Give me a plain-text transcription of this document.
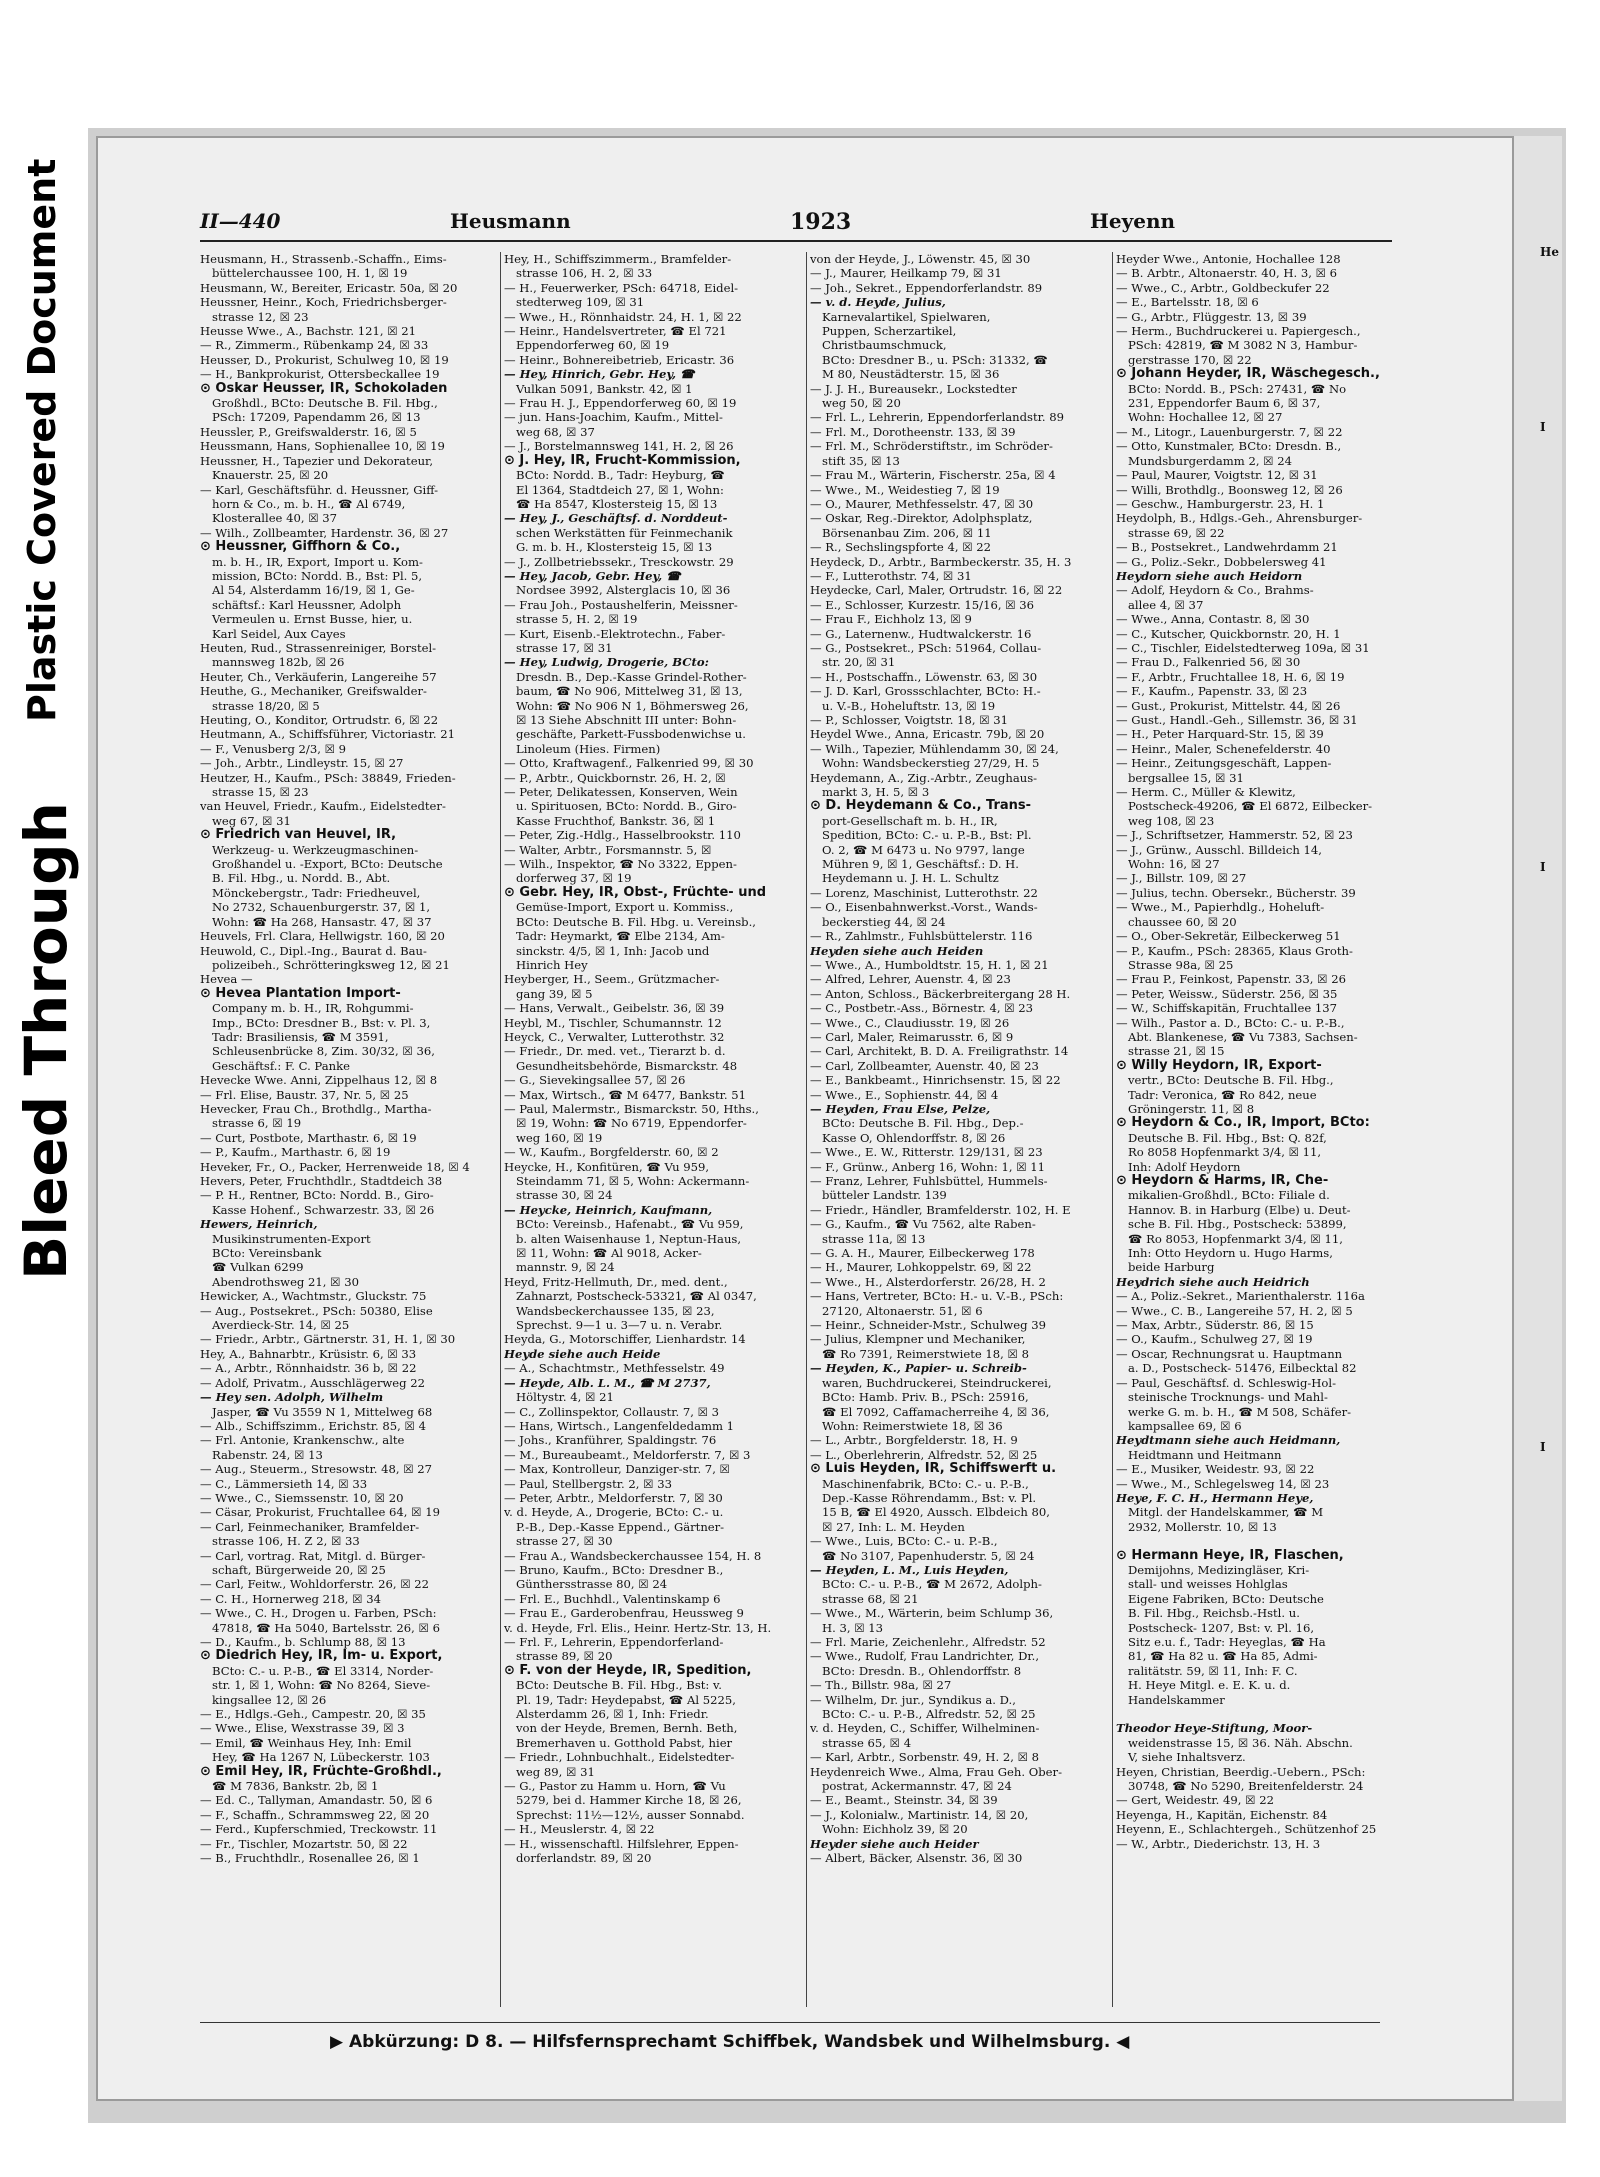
He
I
I
I
Bleed Through
Plastic Covered Document	II—440	Heusmann	1923	Heyenn
Heusmann, H., Strassenb.-Schaffn., Eims-
büttelerchaussee 100, H. 1, ☒ 19
Heusmann, W., Bereiter, Ericastr. 50a, ☒ 20
Heussner, Heinr., Koch, Friedrichsberger-
strasse 12, ☒ 23
Heusse Wwe., A., Bachstr. 121, ☒ 21
— R., Zimmerm., Rübenkamp 24, ☒ 33
Heusser, D., Prokurist, Schulweg 10, ☒ 19
— H., Bankprokurist, Ottersbeckallee 19
⊙ Oskar Heusser, IR, Schokoladen
Großhdl., BCto: Deutsche B. Fil. Hbg.,
PSch: 17209, Papendamm 26, ☒ 13
Heussler, P., Greifswalderstr. 16, ☒ 5
Heussmann, Hans, Sophienallee 10, ☒ 19
Heussner, H., Tapezier und Dekorateur,
Knauerstr. 25, ☒ 20
— Karl, Geschäftsführ. d. Heussner, Giff-
horn & Co., m. b. H., ☎ Al 6749,
Klosterallee 40, ☒ 37
— Wilh., Zollbeamter, Hardenstr. 36, ☒ 27
⊙ Heussner, Giffhorn & Co.,
m. b. H., IR, Export, Import u. Kom-
mission, BCto: Nordd. B., Bst: Pl. 5,
Al 54, Alsterdamm 16/19, ☒ 1, Ge-
schäftsf.: Karl Heussner, Adolph
Vermeulen u. Ernst Busse, hier, u.
Karl Seidel, Aux Cayes
Heuten, Rud., Strassenreiniger, Borstel-
mannsweg 182b, ☒ 26
Heuter, Ch., Verkäuferin, Langereihe 57
Heuthe, G., Mechaniker, Greifswalder-
strasse 18/20, ☒ 5
Heuting, O., Konditor, Ortrudstr. 6, ☒ 22
Heutmann, A., Schiffsführer, Victoriastr. 21
— F., Venusberg 2/3, ☒ 9
— Joh., Arbtr., Lindleystr. 15, ☒ 27
Heutzer, H., Kaufm., PSch: 38849, Frieden-
strasse 15, ☒ 23
van Heuvel, Friedr., Kaufm., Eidelstedter-
weg 67, ☒ 31
⊙ Friedrich van Heuvel, IR,
Werkzeug- u. Werkzeugmaschinen-
Großhandel u. -Export, BCto: Deutsche
B. Fil. Hbg., u. Nordd. B., Abt.
Mönckebergstr., Tadr: Friedheuvel,
No 2732, Schauenburgerstr. 37, ☒ 1,
Wohn: ☎ Ha 268, Hansastr. 47, ☒ 37
Heuvels, Frl. Clara, Hellwigstr. 160, ☒ 20
Heuwold, C., Dipl.-Ing., Baurat d. Bau-
polizeibeh., Schrötteringksweg 12, ☒ 21
Hevea —
⊙ Hevea Plantation Import-
Company m. b. H., IR, Rohgummi-
Imp., BCto: Dresdner B., Bst: v. Pl. 3,
Tadr: Brasiliensis, ☎ M 3591,
Schleusenbrücke 8, Zim. 30/32, ☒ 36,
Geschäftsf.: F. C. Panke
Hevecke Wwe. Anni, Zippelhaus 12, ☒ 8
— Frl. Elise, Baustr. 37, Nr. 5, ☒ 25
Hevecker, Frau Ch., Brothdlg., Martha-
strasse 6, ☒ 19
— Curt, Postbote, Marthastr. 6, ☒ 19
— P., Kaufm., Marthastr. 6, ☒ 19
Heveker, Fr., O., Packer, Herrenweide 18, ☒ 4
Hevers, Peter, Fruchthdlr., Stadtdeich 38
— P. H., Rentner, BCto: Nordd. B., Giro-
Kasse Hohenf., Schwarzestr. 33, ☒ 26
Hewers, Heinrich,
Musikinstrumenten-Export
BCto: Vereinsbank
☎ Vulkan 6299
Abendrothsweg 21, ☒ 30
Hewicker, A., Wachtmstr., Gluckstr. 75
— Aug., Postsekret., PSch: 50380, Elise
Averdieck-Str. 14, ☒ 25
— Friedr., Arbtr., Gärtnerstr. 31, H. 1, ☒ 30
Hey, A., Bahnarbtr., Krüsistr. 6, ☒ 33
— A., Arbtr., Rönnhaidstr. 36 b, ☒ 22
— Adolf, Privatm., Ausschlägerweg 22
— Hey sen. Adolph, Wilhelm
Jasper, ☎ Vu 3559 N 1, Mittelweg 68
— Alb., Schiffszimm., Erichstr. 85, ☒ 4
— Frl. Antonie, Krankenschw., alte
Rabenstr. 24, ☒ 13
— Aug., Steuerm., Stresowstr. 48, ☒ 27
— C., Lämmersieth 14, ☒ 33
— Wwe., C., Siemssenstr. 10, ☒ 20
— Cäsar, Prokurist, Fruchtallee 64, ☒ 19
— Carl, Feinmechaniker, Bramfelder-
strasse 106, H. Z 2, ☒ 33
— Carl, vortrag. Rat, Mitgl. d. Bürger-
schaft, Bürgerweide 20, ☒ 25
— Carl, Feitw., Wohldorferstr. 26, ☒ 22
— C. H., Hornerweg 218, ☒ 34
— Wwe., C. H., Drogen u. Farben, PSch:
47818, ☎ Ha 5040, Bartelsstr. 26, ☒ 6
— D., Kaufm., b. Schlump 88, ☒ 13
⊙ Diedrich Hey, IR, Im- u. Export,
BCto: C.- u. P.-B., ☎ El 3314, Norder-
str. 1, ☒ 1, Wohn: ☎ No 8264, Sieve-
kingsallee 12, ☒ 26
— E., Hdlgs.-Geh., Campestr. 20, ☒ 35
— Wwe., Elise, Wexstrasse 39, ☒ 3
— Emil, ☎ Weinhaus Hey, Inh: Emil
Hey, ☎ Ha 1267 N, Lübeckerstr. 103
⊙ Emil Hey, IR, Früchte-Großhdl.,
☎ M 7836, Bankstr. 2b, ☒ 1
— Ed. C., Tallyman, Amandastr. 50, ☒ 6
— F., Schaffn., Schrammsweg 22, ☒ 20
— Ferd., Kupferschmied, Treckowstr. 11
— Fr., Tischler, Mozartstr. 50, ☒ 22
— B., Fruchthdlr., Rosenallee 26, ☒ 1
Hey, H., Schiffszimmerm., Bramfelder-
strasse 106, H. 2, ☒ 33
— H., Feuerwerker, PSch: 64718, Eidel-
stedterweg 109, ☒ 31
— Wwe., H., Rönnhaidstr. 24, H. 1, ☒ 22
— Heinr., Handelsvertreter, ☎ El 721
Eppendorferweg 60, ☒ 19
— Heinr., Bohnereibetrieb, Ericastr. 36
— Hey, Hinrich, Gebr. Hey, ☎
Vulkan 5091, Bankstr. 42, ☒ 1
— Frau H. J., Eppendorferweg 60, ☒ 19
— jun. Hans-Joachim, Kaufm., Mittel-
weg 68, ☒ 37
— J., Borstelmannsweg 141, H. 2, ☒ 26
⊙ J. Hey, IR, Frucht-Kommission,
BCto: Nordd. B., Tadr: Heyburg, ☎
El 1364, Stadtdeich 27, ☒ 1, Wohn:
☎ Ha 8547, Klostersteig 15, ☒ 13
— Hey, J., Geschäftsf. d. Norddeut-
schen Werkstätten für Feinmechanik
G. m. b. H., Klostersteig 15, ☒ 13
— J., Zollbetriebssekr., Tresckowstr. 29
— Hey, Jacob, Gebr. Hey, ☎
Nordsee 3992, Alsterglacis 10, ☒ 36
— Frau Joh., Postaushelferin, Meissner-
strasse 5, H. 2, ☒ 19
— Kurt, Eisenb.-Elektrotechn., Faber-
strasse 17, ☒ 31
— Hey, Ludwig, Drogerie, BCto:
Dresdn. B., Dep.-Kasse Grindel-Rother-
baum, ☎ No 906, Mittelweg 31, ☒ 13,
Wohn: ☎ No 906 N 1, Böhmersweg 26,
☒ 13 Siehe Abschnitt III unter: Bohn-
geschäfte, Parkett-Fussbodenwichse u.
Linoleum (Hies. Firmen)
— Otto, Kraftwagenf., Falkenried 99, ☒ 30
— P., Arbtr., Quickbornstr. 26, H. 2, ☒
— Peter, Delikatessen, Konserven, Wein
u. Spirituosen, BCto: Nordd. B., Giro-
Kasse Fruchthof, Bankstr. 36, ☒ 1
— Peter, Zig.-Hdlg., Hasselbrookstr. 110
— Walter, Arbtr., Forsmannstr. 5, ☒
— Wilh., Inspektor, ☎ No 3322, Eppen-
dorferweg 37, ☒ 19
⊙ Gebr. Hey, IR, Obst-, Früchte- und
Gemüse-Import, Export u. Kommiss.,
BCto: Deutsche B. Fil. Hbg. u. Vereinsb.,
Tadr: Heymarkt, ☎ Elbe 2134, Am-
sinckstr. 4/5, ☒ 1, Inh: Jacob und
Hinrich Hey
Heyberger, H., Seem., Grützmacher-
gang 39, ☒ 5
— Hans, Verwalt., Geibelstr. 36, ☒ 39
Heybl, M., Tischler, Schumannstr. 12
Heyck, C., Verwalter, Lutterothstr. 32
— Friedr., Dr. med. vet., Tierarzt b. d.
Gesundheitsbehörde, Bismarckstr. 48
— G., Sievekingsallee 57, ☒ 26
— Max, Wirtsch., ☎ M 6477, Bankstr. 51
— Paul, Malermstr., Bismarckstr. 50, Hths.,
☒ 19, Wohn: ☎ No 6719, Eppendorfer-
weg 160, ☒ 19
— W., Kaufm., Borgfelderstr. 60, ☒ 2
Heycke, H., Konfitüren, ☎ Vu 959,
Steindamm 71, ☒ 5, Wohn: Ackermann-
strasse 30, ☒ 24
— Heycke, Heinrich, Kaufmann,
BCto: Vereinsb., Hafenabt., ☎ Vu 959,
b. alten Waisenhause 1, Neptun-Haus,
☒ 11, Wohn: ☎ Al 9018, Acker-
mannstr. 9, ☒ 24
Heyd, Fritz-Hellmuth, Dr., med. dent.,
Zahnarzt, Postscheck-53321, ☎ Al 0347,
Wandsbeckerchaussee 135, ☒ 23,
Sprechst. 9—1 u. 3—7 u. n. Verabr.
Heyda, G., Motorschiffer, Lienhardstr. 14
Heyde siehe auch Heide
— A., Schachtmstr., Methfesselstr. 49
— Heyde, Alb. L. M., ☎ M 2737,
Höltystr. 4, ☒ 21
— C., Zollinspektor, Collaustr. 7, ☒ 3
— Hans, Wirtsch., Langenfeldedamm 1
— Johs., Kranführer, Spaldingstr. 76
— M., Bureaubeamt., Meldorferstr. 7, ☒ 3
— Max, Kontrolleur, Danziger-str. 7, ☒
— Paul, Stellbergstr. 2, ☒ 33
— Peter, Arbtr., Meldorferstr. 7, ☒ 30
v. d. Heyde, A., Drogerie, BCto: C.- u.
P.-B., Dep.-Kasse Eppend., Gärtner-
strasse 27, ☒ 30
— Frau A., Wandsbeckerchaussee 154, H. 8
— Bruno, Kaufm., BCto: Dresdner B.,
Günthersstrasse 80, ☒ 24
— Frl. E., Buchhdl., Valentinskamp 6
— Frau E., Garderobenfrau, Heussweg 9
v. d. Heyde, Frl. Elis., Heinr. Hertz-Str. 13, H.
— Frl. F., Lehrerin, Eppendorferland-
strasse 89, ☒ 20
⊙ F. von der Heyde, IR, Spedition,
BCto: Deutsche B. Fil. Hbg., Bst: v.
Pl. 19, Tadr: Heydepabst, ☎ Al 5225,
Alsterdamm 26, ☒ 1, Inh: Friedr.
von der Heyde, Bremen, Bernh. Beth,
Bremerhaven u. Gotthold Pabst, hier
— Friedr., Lohnbuchhalt., Eidelstedter-
weg 89, ☒ 31
— G., Pastor zu Hamm u. Horn, ☎ Vu
5279, bei d. Hammer Kirche 18, ☒ 26,
Sprechst: 11½—12½, ausser Sonnabd.
— H., Meuslerstr. 4, ☒ 22
— H., wissenschaftl. Hilfslehrer, Eppen-
dorferlandstr. 89, ☒ 20
von der Heyde, J., Löwenstr. 45, ☒ 30
— J., Maurer, Heilkamp 79, ☒ 31
— Joh., Sekret., Eppendorferlandstr. 89
— v. d. Heyde, Julius,
Karnevalartikel, Spielwaren,
Puppen, Scherzartikel,
Christbaumschmuck,
BCto: Dresdner B., u. PSch: 31332, ☎
M 80, Neustädterstr. 15, ☒ 36
— J. J. H., Bureausekr., Lockstedter
weg 50, ☒ 20
— Frl. L., Lehrerin, Eppendorferlandstr. 89
— Frl. M., Dorotheenstr. 133, ☒ 39
— Frl. M., Schröderstiftstr., im Schröder-
stift 35, ☒ 13
— Frau M., Wärterin, Fischerstr. 25a, ☒ 4
— Wwe., M., Weidestieg 7, ☒ 19
— O., Maurer, Methfesselstr. 47, ☒ 30
— Oskar, Reg.-Direktor, Adolphsplatz,
Börsenanbau Zim. 206, ☒ 11
— R., Sechslingspforte 4, ☒ 22
Heydeck, D., Arbtr., Barmbeckerstr. 35, H. 3
— F., Lutterothstr. 74, ☒ 31
Heydecke, Carl, Maler, Ortrudstr. 16, ☒ 22
— E., Schlosser, Kurzestr. 15/16, ☒ 36
— Frau F., Eichholz 13, ☒ 9
— G., Laternenw., Hudtwalckerstr. 16
— G., Postsekret., PSch: 51964, Collau-
str. 20, ☒ 31
— H., Postschaffn., Löwenstr. 63, ☒ 30
— J. D. Karl, Grossschlachter, BCto: H.-
u. V.-B., Hoheluftstr. 13, ☒ 19
— P., Schlosser, Voigtstr. 18, ☒ 31
Heydel Wwe., Anna, Ericastr. 79b, ☒ 20
— Wilh., Tapezier, Mühlendamm 30, ☒ 24,
Wohn: Wandsbeckerstieg 27/29, H. 5
Heydemann, A., Zig.-Arbtr., Zeughaus-
markt 3, H. 5, ☒ 3
⊙ D. Heydemann & Co., Trans-
port-Gesellschaft m. b. H., IR,
Spedition, BCto: C.- u. P.-B., Bst: Pl.
O. 2, ☎ M 6473 u. No 9797, lange
Mühren 9, ☒ 1, Geschäftsf.: D. H.
Heydemann u. J. H. L. Schultz
— Lorenz, Maschinist, Lutterothstr. 22
— O., Eisenbahnwerkst.-Vorst., Wands-
beckerstieg 44, ☒ 24
— R., Zahlmstr., Fuhlsbüttelerstr. 116
Heyden siehe auch Heiden
— Wwe., A., Humboldtstr. 15, H. 1, ☒ 21
— Alfred, Lehrer, Auenstr. 4, ☒ 23
— Anton, Schloss., Bäckerbreitergang 28 H.
— C., Postbetr.-Ass., Börnestr. 4, ☒ 23
— Wwe., C., Claudiusstr. 19, ☒ 26
— Carl, Maler, Reimarusstr. 6, ☒ 9
— Carl, Architekt, B. D. A. Freiligrathstr. 14
— Carl, Zollbeamter, Auenstr. 40, ☒ 23
— E., Bankbeamt., Hinrichsenstr. 15, ☒ 22
— Wwe., E., Sophienstr. 44, ☒ 4
— Heyden, Frau Else, Pelze,
BCto: Deutsche B. Fil. Hbg., Dep.-
Kasse O, Ohlendorffstr. 8, ☒ 26
— Wwe., E. W., Ritterstr. 129/131, ☒ 23
— F., Grünw., Anberg 16, Wohn: 1, ☒ 11
— Franz, Lehrer, Fuhlsbüttel, Hummels-
bütteler Landstr. 139
— Friedr., Händler, Bramfelderstr. 102, H. E
— G., Kaufm., ☎ Vu 7562, alte Raben-
strasse 11a, ☒ 13
— G. A. H., Maurer, Eilbeckerweg 178
— H., Maurer, Lohkoppelstr. 69, ☒ 22
— Wwe., H., Alsterdorferstr. 26/28, H. 2
— Hans, Vertreter, BCto: H.- u. V.-B., PSch:
27120, Altonaerstr. 51, ☒ 6
— Heinr., Schneider-Mstr., Schulweg 39
— Julius, Klempner und Mechaniker,
☎ Ro 7391, Reimerstwiete 18, ☒ 8
— Heyden, K., Papier- u. Schreib-
waren, Buchdruckerei, Steindruckerei,
BCto: Hamb. Priv. B., PSch: 25916,
☎ El 7092, Caffamacherreihe 4, ☒ 36,
Wohn: Reimerstwiete 18, ☒ 36
— L., Arbtr., Borgfelderstr. 18, H. 9
— L., Oberlehrerin, Alfredstr. 52, ☒ 25
⊙ Luis Heyden, IR, Schiffswerft u.
Maschinenfabrik, BCto: C.- u. P.-B.,
Dep.-Kasse Röhrendamm., Bst: v. Pl.
15 B, ☎ El 4920, Aussch. Elbdeich 80,
☒ 27, Inh: L. M. Heyden
— Wwe., Luis, BCto: C.- u. P.-B.,
☎ No 3107, Papenhuderstr. 5, ☒ 24
— Heyden, L. M., Luis Heyden,
BCto: C.- u. P.-B., ☎ M 2672, Adolph-
strasse 68, ☒ 21
— Wwe., M., Wärterin, beim Schlump 36,
H. 3, ☒ 13
— Frl. Marie, Zeichenlehr., Alfredstr. 52
— Wwe., Rudolf, Frau Landrichter, Dr.,
BCto: Dresdn. B., Ohlendorffstr. 8
— Th., Billstr. 98a, ☒ 27
— Wilhelm, Dr. jur., Syndikus a. D.,
BCto: C.- u. P.-B., Alfredstr. 52, ☒ 25
v. d. Heyden, C., Schiffer, Wilhelminen-
strasse 65, ☒ 4
— Karl, Arbtr., Sorbenstr. 49, H. 2, ☒ 8
Heydenreich Wwe., Alma, Frau Geh. Ober-
postrat, Ackermannstr. 47, ☒ 24
— E., Beamt., Steinstr. 34, ☒ 39
— J., Kolonialw., Martinistr. 14, ☒ 20,
Wohn: Eichholz 39, ☒ 20
Heyder siehe auch Heider
— Albert, Bäcker, Alsenstr. 36, ☒ 30
Heyder Wwe., Antonie, Hochallee 128
— B. Arbtr., Altonaerstr. 40, H. 3, ☒ 6
— Wwe., C., Arbtr., Goldbeckufer 22
— E., Bartelsstr. 18, ☒ 6
— G., Arbtr., Flüggestr. 13, ☒ 39
— Herm., Buchdruckerei u. Papiergesch.,
PSch: 42819, ☎ M 3082 N 3, Hambur-
gerstrasse 170, ☒ 22
⊙ Johann Heyder, IR, Wäschegesch.,
BCto: Nordd. B., PSch: 27431, ☎ No
231, Eppendorfer Baum 6, ☒ 37,
Wohn: Hochallee 12, ☒ 27
— M., Litogr., Lauenburgerstr. 7, ☒ 22
— Otto, Kunstmaler, BCto: Dresdn. B.,
Mundsburgerdamm 2, ☒ 24
— Paul, Maurer, Voigtstr. 12, ☒ 31
— Willi, Brothdlg., Boonsweg 12, ☒ 26
— Geschw., Hamburgerstr. 23, H. 1
Heydolph, B., Hdlgs.-Geh., Ahrensburger-
strasse 69, ☒ 22
— B., Postsekret., Landwehrdamm 21
— G., Poliz.-Sekr., Dobbelersweg 41
Heydorn siehe auch Heidorn
— Adolf, Heydorn & Co., Brahms-
allee 4, ☒ 37
— Wwe., Anna, Contastr. 8, ☒ 30
— C., Kutscher, Quickbornstr. 20, H. 1
— C., Tischler, Eidelstedterweg 109a, ☒ 31
— Frau D., Falkenried 56, ☒ 30
— F., Arbtr., Fruchtallee 18, H. 6, ☒ 19
— F., Kaufm., Papenstr. 33, ☒ 23
— Gust., Prokurist, Mittelstr. 44, ☒ 26
— Gust., Handl.-Geh., Sillemstr. 36, ☒ 31
— H., Peter Harquard-Str. 15, ☒ 39
— Heinr., Maler, Schenefelderstr. 40
— Heinr., Zeitungsgeschäft, Lappen-
bergsallee 15, ☒ 31
— Herm. C., Müller & Klewitz,
Postscheck-49206, ☎ El 6872, Eilbecker-
weg 108, ☒ 23
— J., Schriftsetzer, Hammerstr. 52, ☒ 23
— J., Grünw., Ausschl. Billdeich 14,
Wohn: 16, ☒ 27
— J., Billstr. 109, ☒ 27
— Julius, techn. Obersekr., Bücherstr. 39
— Wwe., M., Papierhdlg., Hoheluft-
chaussee 60, ☒ 20
— O., Ober-Sekretär, Eilbeckerweg 51
— P., Kaufm., PSch: 28365, Klaus Groth-
Strasse 98a, ☒ 25
— Frau P., Feinkost, Papenstr. 33, ☒ 26
— Peter, Weissw., Süderstr. 256, ☒ 35
— W., Schiffskapitän, Fruchtallee 137
— Wilh., Pastor a. D., BCto: C.- u. P.-B.,
Abt. Blankenese, ☎ Vu 7383, Sachsen-
strasse 21, ☒ 15
⊙ Willy Heydorn, IR, Export-
vertr., BCto: Deutsche B. Fil. Hbg.,
Tadr: Veronica, ☎ Ro 842, neue
Gröningerstr. 11, ☒ 8
⊙ Heydorn & Co., IR, Import, BCto:
Deutsche B. Fil. Hbg., Bst: Q. 82f,
Ro 8058 Hopfenmarkt 3/4, ☒ 11,
Inh: Adolf Heydorn
⊙ Heydorn & Harms, IR, Che-
mikalien-Großhdl., BCto: Filiale d.
Hannov. B. in Harburg (Elbe) u. Deut-
sche B. Fil. Hbg., Postscheck: 53899,
☎ Ro 8053, Hopfenmarkt 3/4, ☒ 11,
Inh: Otto Heydorn u. Hugo Harms,
beide Harburg
Heydrich siehe auch Heidrich
— A., Poliz.-Sekret., Marienthalerstr. 116a
— Wwe., C. B., Langereihe 57, H. 2, ☒ 5
— Max, Arbtr., Süderstr. 86, ☒ 15
— O., Kaufm., Schulweg 27, ☒ 19
— Oscar, Rechnungsrat u. Hauptmann
a. D., Postscheck- 51476, Eilbecktal 82
— Paul, Geschäftsf. d. Schleswig-Hol-
steinische Trocknungs- und Mahl-
werke G. m. b. H., ☎ M 508, Schäfer-
kampsallee 69, ☒ 6
Heydtmann siehe auch Heidmann,
Heidtmann und Heitmann
— E., Musiker, Weidestr. 93, ☒ 22
— Wwe., M., Schlegelsweg 14, ☒ 23
Heye, F. C. H., Hermann Heye,
Mitgl. der Handelskammer, ☎ M
2932, Mollerstr. 10, ☒ 13

⊙ Hermann Heye, IR, Flaschen,
Demijohns, Medizingläser, Kri-
stall- und weisses Hohlglas
Eigene Fabriken, BCto: Deutsche
B. Fil. Hbg., Reichsb.-Hstl. u.
Postscheck- 1207, Bst: v. Pl. 16,
Sitz e.u. f., Tadr: Heyeglas, ☎ Ha
81, ☎ Ha 82 u. ☎ Ha 85, Admi-
ralitätstr. 59, ☒ 11, Inh: F. C.
H. Heye Mitgl. e. E. K. u. d.
Handelskammer

Theodor Heye-Stiftung, Moor-
weidenstrasse 15, ☒ 36. Näh. Abschn.
V, siehe Inhaltsverz.
Heyen, Christian, Beerdig.-Uebern., PSch:
30748, ☎ No 5290, Breitenfelderstr. 24
— Gert, Weidestr. 49, ☒ 22
Heyenga, H., Kapitän, Eichenstr. 84
Heyenn, E., Schlachtergeh., Schützenhof 25
— W., Arbtr., Diederichstr. 13, H. 3
▶ Abkürzung: D 8. — Hilfsfernsprechamt Schiffbek, Wandsbek und Wilhelmsburg. ◀
